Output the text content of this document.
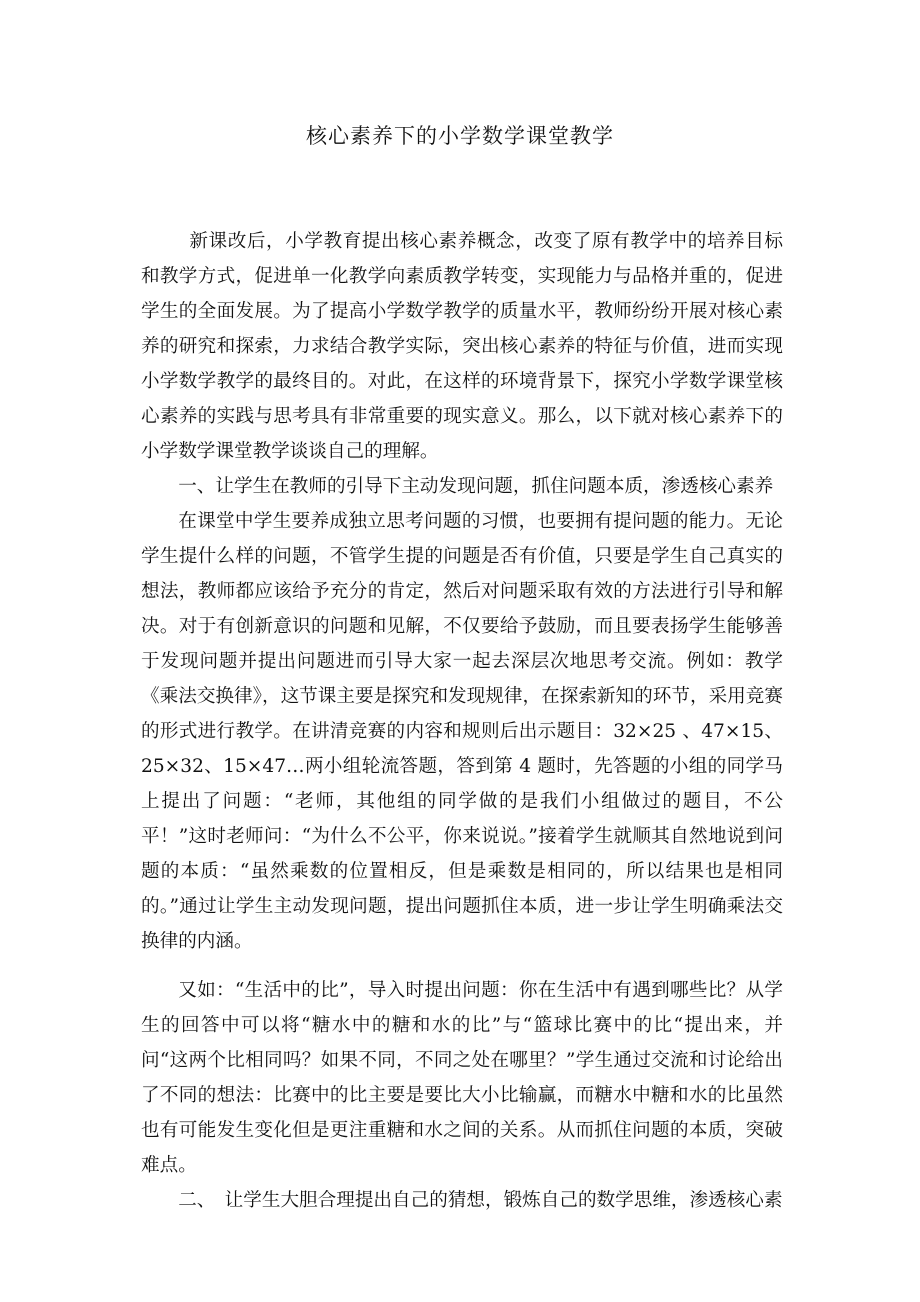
核心素养下的小学数学课堂教学

新课改后，小学教育提出核心素养概念，改变了原有教学中的培养目标和教学方式，促进单一化教学向素质教学转变，实现能力与品格并重的，促进学生的全面发展。为了提高小学数学教学的质量水平，教师纷纷开展对核心素养的研究和探索，力求结合教学实际，突出核心素养的特征与价值，进而实现小学数学教学的最终目的。对此，在这样的环境背景下，探究小学数学课堂核心素养的实践与思考具有非常重要的现实意义。那么，以下就对核心素养下的小学数学课堂教学谈谈自己的理解。

一、让学生在教师的引导下主动发现问题，抓住问题本质，渗透核心素养

在课堂中学生要养成独立思考问题的习惯，也要拥有提问题的能力。无论学生提什么样的问题，不管学生提的问题是否有价值，只要是学生自己真实的想法，教师都应该给予充分的肯定，然后对问题采取有效的方法进行引导和解决。对于有创新意识的问题和见解，不仅要给予鼓励，而且要表扬学生能够善于发现问题并提出问题进而引导大家一起去深层次地思考交流。例如：教学《乘法交换律》，这节课主要是探究和发现规律，在探索新知的环节，采用竞赛的形式进行教学。在讲清竞赛的内容和规则后出示题目：32×25 、47×15、25×32、15×47…两小组轮流答题，答到第 4 题时，先答题的小组的同学马上提出了问题：“老师，其他组的同学做的是我们小组做过的题目，不公平！”这时老师问：“为什么不公平，你来说说。”接着学生就顺其自然地说到问题的本质：“虽然乘数的位置相反，但是乘数是相同的，所以结果也是相同的。”通过让学生主动发现问题，提出问题抓住本质，进一步让学生明确乘法交换律的内涵。

又如：“生活中的比”，导入时提出问题：你在生活中有遇到哪些比？从学生的回答中可以将“糖水中的糖和水的比”与“篮球比赛中的比“提出来，并问“这两个比相同吗？如果不同，不同之处在哪里？”学生通过交流和讨论给出了不同的想法：比赛中的比主要是要比大小比输赢，而糖水中糖和水的比虽然也有可能发生变化但是更注重糖和水之间的关系。从而抓住问题的本质，突破难点。

二、　让学生大胆合理提出自己的猜想，锻炼自己的数学思维，渗透核心素
